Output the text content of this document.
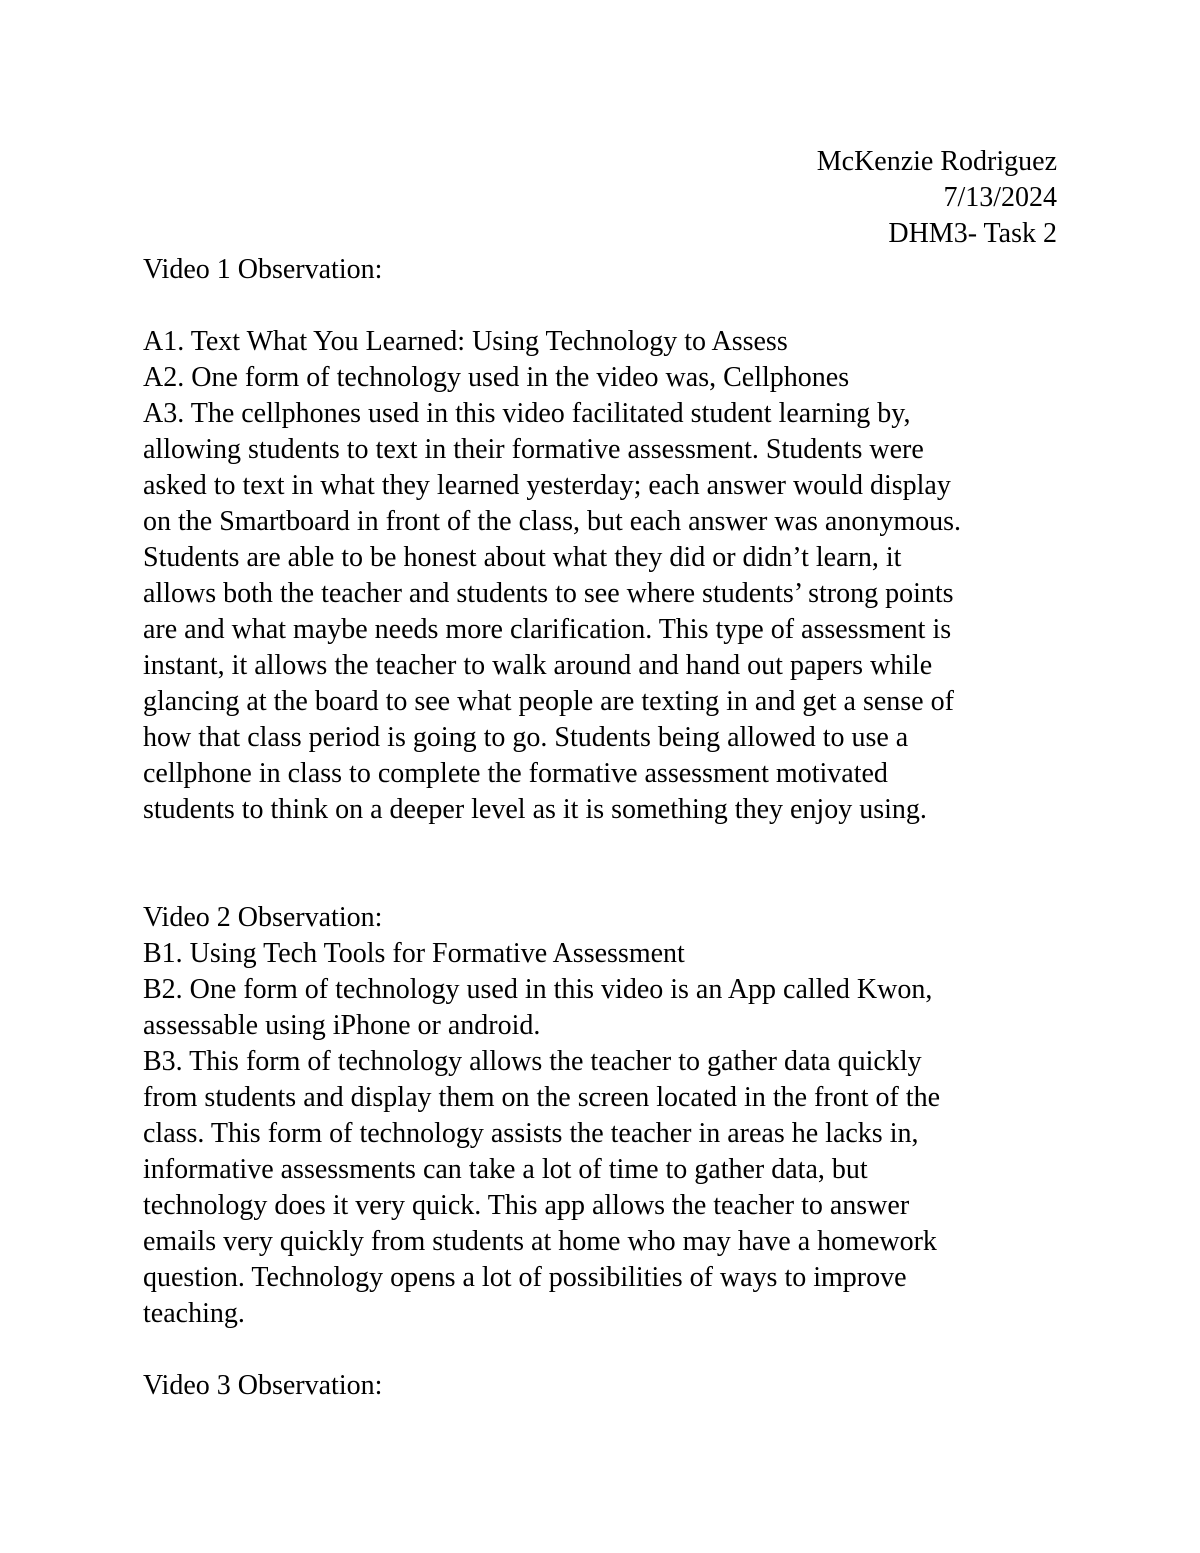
McKenzie Rodriguez
7/13/2024
DHM3- Task 2
Video 1 Observation:
A1. Text What You Learned: Using Technology to Assess
A2. One form of technology used in the video was, Cellphones
A3. The cellphones used in this video facilitated student learning by,
allowing students to text in their formative assessment. Students were
asked to text in what they learned yesterday; each answer would display
on the Smartboard in front of the class, but each answer was anonymous.
Students are able to be honest about what they did or didn’t learn, it
allows both the teacher and students to see where students’ strong points
are and what maybe needs more clarification. This type of assessment is
instant, it allows the teacher to walk around and hand out papers while
glancing at the board to see what people are texting in and get a sense of
how that class period is going to go. Students being allowed to use a
cellphone in class to complete the formative assessment motivated
students to think on a deeper level as it is something they enjoy using.
Video 2 Observation:
B1. Using Tech Tools for Formative Assessment
B2. One form of technology used in this video is an App called Kwon,
assessable using iPhone or android.
B3. This form of technology allows the teacher to gather data quickly
from students and display them on the screen located in the front of the
class. This form of technology assists the teacher in areas he lacks in,
informative assessments can take a lot of time to gather data, but
technology does it very quick. This app allows the teacher to answer
emails very quickly from students at home who may have a homework
question. Technology opens a lot of possibilities of ways to improve
teaching.
Video 3 Observation:
